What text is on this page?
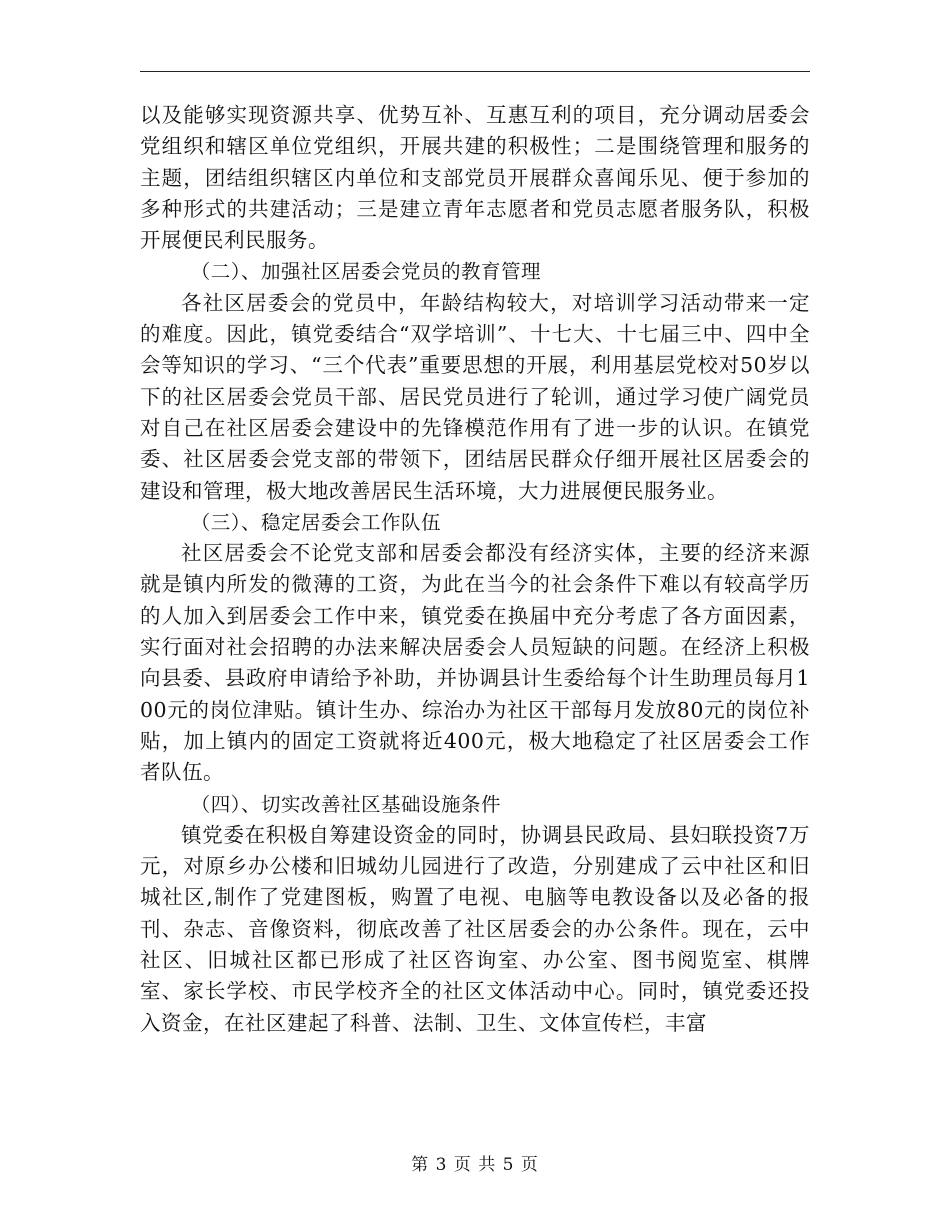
以及能够实现资源共享、优势互补、互惠互利的项目，充分调动居委会党组织和辖区单位党组织，开展共建的积极性；二是围绕管理和服务的主题，团结组织辖区内单位和支部党员开展群众喜闻乐见、便于参加的多种形式的共建活动；三是建立青年志愿者和党员志愿者服务队，积极开展便民利民服务。

（二）、加强社区居委会党员的教育管理

各社区居委会的党员中，年龄结构较大，对培训学习活动带来一定的难度。因此，镇党委结合“双学培训”、十七大、十七届三中、四中全会等知识的学习、“三个代表”重要思想的开展，利用基层党校对50岁以下的社区居委会党员干部、居民党员进行了轮训，通过学习使广阔党员对自己在社区居委会建设中的先锋模范作用有了进一步的认识。在镇党委、社区居委会党支部的带领下，团结居民群众仔细开展社区居委会的建设和管理，极大地改善居民生活环境，大力进展便民服务业。

（三）、稳定居委会工作队伍

社区居委会不论党支部和居委会都没有经济实体，主要的经济来源就是镇内所发的微薄的工资，为此在当今的社会条件下难以有较高学历的人加入到居委会工作中来，镇党委在换届中充分考虑了各方面因素，实行面对社会招聘的办法来解决居委会人员短缺的问题。在经济上积极向县委、县政府申请给予补助，并协调县计生委给每个计生助理员每月100元的岗位津贴。镇计生办、综治办为社区干部每月发放80元的岗位补贴，加上镇内的固定工资就将近400元，极大地稳定了社区居委会工作者队伍。

（四）、切实改善社区基础设施条件

镇党委在积极自筹建设资金的同时，协调县民政局、县妇联投资7万元，对原乡办公楼和旧城幼儿园进行了改造，分别建成了云中社区和旧城社区,制作了党建图板，购置了电视、电脑等电教设备以及必备的报刊、杂志、音像资料，彻底改善了社区居委会的办公条件。现在，云中社区、旧城社区都已形成了社区咨询室、办公室、图书阅览室、棋牌室、家长学校、市民学校齐全的社区文体活动中心。同时，镇党委还投入资金，在社区建起了科普、法制、卫生、文体宣传栏，丰富

第 3 页 共 5 页
